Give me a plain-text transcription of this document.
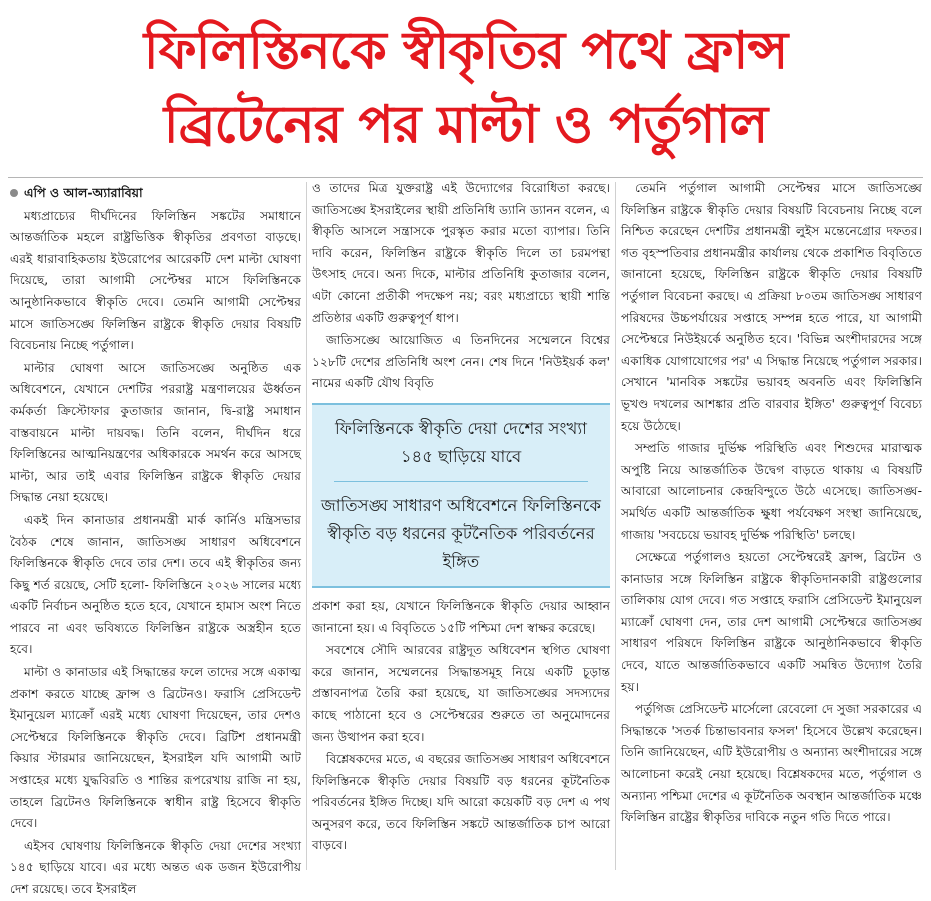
ফিলিস্তিনকে স্বীকৃতির পথে ফ্রান্স
ব্রিটেনের পর মাল্টা ও পর্তুগাল
এপি ও আল-অ্যারাবিয়া

মধ্যপ্রাচ্যের দীর্ঘদিনের ফিলিস্তিন সঙ্কটের সমাধানে আন্তর্জাতিক মহলে রাষ্ট্রভিত্তিক স্বীকৃতির প্রবণতা বাড়ছে। এরই ধারাবাহিকতায় ইউরোপের আরেকটি দেশ মাল্টা ঘোষণা দিয়েছে, তারা আগামী সেপ্টেম্বর মাসে ফিলিস্তিনকে আনুষ্ঠানিকভাবে স্বীকৃতি দেবে। তেমনি আগামী সেপ্টেম্বর মাসে জাতিসঙ্ঘে ফিলিস্তিন রাষ্ট্রকে স্বীকৃতি দেয়ার বিষয়টি বিবেচনায় নিচ্ছে পর্তুগাল।

মাল্টার ঘোষণা আসে জাতিসঙ্ঘে অনুষ্ঠিত এক অধিবেশনে, যেখানে দেশটির পররাষ্ট্র মন্ত্রণালয়ের ঊর্ধ্বতন কর্মকর্তা ক্রিস্টোফার কুতাজার জানান, দ্বি-রাষ্ট্র সমাধান বাস্তবায়নে মাল্টা দায়বদ্ধ। তিনি বলেন, দীর্ঘদিন ধরে ফিলিস্তিনের আত্মনিয়ন্ত্রণের অধিকারকে সমর্থন করে আসছে মাল্টা, আর তাই এবার ফিলিস্তিন রাষ্ট্রকে স্বীকৃতি দেয়ার সিদ্ধান্ত নেয়া হয়েছে।

একই দিন কানাডার প্রধানমন্ত্রী মার্ক কার্নিও মন্ত্রিসভার বৈঠক শেষে জানান, জাতিসঙ্ঘ সাধারণ অধিবেশনে ফিলিস্তিনকে স্বীকৃতি দেবে তার দেশ। তবে এই স্বীকৃতির জন্য কিছু শর্ত রয়েছে, সেটি হলো- ফিলিস্তিনে ২০২৬ সালের মধ্যে একটি নির্বাচন অনুষ্ঠিত হতে হবে, যেখানে হামাস অংশ নিতে পারবে না এবং ভবিষ্যতে ফিলিস্তিন রাষ্ট্রকে অস্ত্রহীন হতে হবে।

মাল্টা ও কানাডার এই সিদ্ধান্তের ফলে তাদের সঙ্গে একাত্ম প্রকাশ করতে যাচ্ছে ফ্রান্স ও ব্রিটেনও। ফরাসি প্রেসিডেন্ট ইমানুয়েল ম্যাক্রোঁ এরই মধ্যে ঘোষণা দিয়েছেন, তার দেশও সেপ্টেম্বরে ফিলিস্তিনকে স্বীকৃতি দেবে। ব্রিটিশ প্রধানমন্ত্রী কিয়ার স্টারমার জানিয়েছেন, ইসরাইল যদি আগামী আট সপ্তাহের মধ্যে যুদ্ধবিরতি ও শান্তির রূপরেখায় রাজি না হয়, তাহলে ব্রিটেনও ফিলিস্তিনকে স্বাধীন রাষ্ট্র হিসেবে স্বীকৃতি দেবে।

এইসব ঘোষণায় ফিলিস্তিনকে স্বীকৃতি দেয়া দেশের সংখ্যা ১৪৫ ছাড়িয়ে যাবে। এর মধ্যে অন্তত এক ডজন ইউরোপীয় দেশ রয়েছে। তবে ইসরাইল

ও তাদের মিত্র যুক্তরাষ্ট্র এই উদ্যোগের বিরোধিতা করছে। জাতিসঙ্ঘে ইসরাইলের স্থায়ী প্রতিনিধি ড্যানি ড্যানন বলেন, এ স্বীকৃতি আসলে সন্ত্রাসকে পুরস্কৃত করার মতো ব্যাপার। তিনি দাবি করেন, ফিলিস্তিন রাষ্ট্রকে স্বীকৃতি দিলে তা চরমপন্থা উৎসাহ দেবে। অন্য দিকে, মাল্টার প্রতিনিধি কুতাজার বলেন, এটা কোনো প্রতীকী পদক্ষেপ নয়; বরং মধ্যপ্রাচ্যে স্থায়ী শান্তি প্রতিষ্ঠার একটি গুরুত্বপূর্ণ ধাপ।

জাতিসঙ্ঘে আয়োজিত এ তিনদিনের সম্মেলনে বিশ্বের ১২৮টি দেশের প্রতিনিধি অংশ নেন। শেষ দিনে 'নিউইয়র্ক কল' নামের একটি যৌথ বিবৃতি

ফিলিস্তিনকে স্বীকৃতি দেয়া দেশের সংখ্যা ১৪৫ ছাড়িয়ে যাবে
জাতিসঙ্ঘ সাধারণ অধিবেশনে ফিলিস্তিনকে স্বীকৃতি বড় ধরনের কূটনৈতিক পরিবর্তনের ইঙ্গিত

প্রকাশ করা হয়, যেখানে ফিলিস্তিনকে স্বীকৃতি দেয়ার আহ্বান জানানো হয়। এ বিবৃতিতে ১৫টি পশ্চিমা দেশ স্বাক্ষর করেছে।

সবশেষে সৌদি আরবের রাষ্ট্রদূত অধিবেশন স্থগিত ঘোষণা করে জানান, সম্মেলনের সিদ্ধান্তসমূহ নিয়ে একটি চূড়ান্ত প্রস্তাবনাপত্র তৈরি করা হয়েছে, যা জাতিসঙ্ঘের সদস্যদের কাছে পাঠানো হবে ও সেপ্টেম্বরের শুরুতে তা অনুমোদনের জন্য উত্থাপন করা হবে।

বিশ্লেষকদের মতে, এ বছরের জাতিসঙ্ঘ সাধারণ অধিবেশনে ফিলিস্তিনকে স্বীকৃতি দেয়ার বিষয়টি বড় ধরনের কূটনৈতিক পরিবর্তনের ইঙ্গিত দিচ্ছে। যদি আরো কয়েকটি বড় দেশ এ পথ অনুসরণ করে, তবে ফিলিস্তিন সঙ্কটে আন্তর্জাতিক চাপ আরো বাড়বে।

তেমনি পর্তুগাল আগামী সেপ্টেম্বর মাসে জাতিসঙ্ঘে ফিলিস্তিন রাষ্ট্রকে স্বীকৃতি দেয়ার বিষয়টি বিবেচনায় নিচ্ছে বলে নিশ্চিত করেছেন দেশটির প্রধানমন্ত্রী লুইস মন্তেনেগ্রোর দফতর। গত বৃহস্পতিবার প্রধানমন্ত্রীর কার্যালয় থেকে প্রকাশিত বিবৃতিতে জানানো হয়েছে, ফিলিস্তিন রাষ্ট্রকে স্বীকৃতি দেয়ার বিষয়টি পর্তুগাল বিবেচনা করছে। এ প্রক্রিয়া ৮০তম জাতিসঙ্ঘ সাধারণ পরিষদের উচ্চপর্যায়ের সপ্তাহে সম্পন্ন হতে পারে, যা আগামী সেপ্টেম্বরে নিউইয়র্কে অনুষ্ঠিত হবে। 'বিভিন্ন অংশীদারদের সঙ্গে একাধিক যোগাযোগের পর' এ সিদ্ধান্ত নিয়েছে পর্তুগাল সরকার। সেখানে 'মানবিক সঙ্কটের ভয়াবহ অবনতি এবং ফিলিস্তিনি ভূখণ্ড দখলের আশঙ্কার প্রতি বারবার ইঙ্গিত' গুরুত্বপূর্ণ বিবেচ্য হয়ে উঠেছে।

সম্প্রতি গাজার দুর্ভিক্ষ পরিস্থিতি এবং শিশুদের মারাত্মক অপুষ্টি নিয়ে আন্তর্জাতিক উদ্বেগ বাড়তে থাকায় এ বিষয়টি আবারো আলোচনার কেন্দ্রবিন্দুতে উঠে এসেছে। জাতিসঙ্ঘ-সমর্থিত একটি আন্তর্জাতিক ক্ষুধা পর্যবেক্ষণ সংস্থা জানিয়েছে, গাজায় 'সবচেয়ে ভয়াবহ দুর্ভিক্ষ পরিস্থিতি' চলছে।

সেক্ষেত্রে পর্তুগালও হয়তো সেপ্টেম্বরেই ফ্রান্স, ব্রিটেন ও কানাডার সঙ্গে ফিলিস্তিন রাষ্ট্রকে স্বীকৃতিদানকারী রাষ্ট্রগুলোর তালিকায় যোগ দেবে। গত সপ্তাহে ফরাসি প্রেসিডেন্ট ইমানুয়েল ম্যাক্রোঁ ঘোষণা দেন, তার দেশ আগামী সেপ্টেম্বরে জাতিসঙ্ঘ সাধারণ পরিষদে ফিলিস্তিন রাষ্ট্রকে আনুষ্ঠানিকভাবে স্বীকৃতি দেবে, যাতে আন্তর্জাতিকভাবে একটি সমন্বিত উদ্যোগ তৈরি হয়।

পর্তুগিজ প্রেসিডেন্ট মার্সেলো রেবেলো দে সুজা সরকারের এ সিদ্ধান্তকে 'সতর্ক চিন্তাভাবনার ফসল' হিসেবে উল্লেখ করেছেন। তিনি জানিয়েছেন, এটি ইউরোপীয় ও অন্যান্য অংশীদারের সঙ্গে আলোচনা করেই নেয়া হয়েছে। বিশ্লেষকদের মতে, পর্তুগাল ও অন্যান্য পশ্চিমা দেশের এ কূটনৈতিক অবস্থান আন্তর্জাতিক মঞ্চে ফিলিস্তিন রাষ্ট্রের স্বীকৃতির দাবিকে নতুন গতি দিতে পারে।
